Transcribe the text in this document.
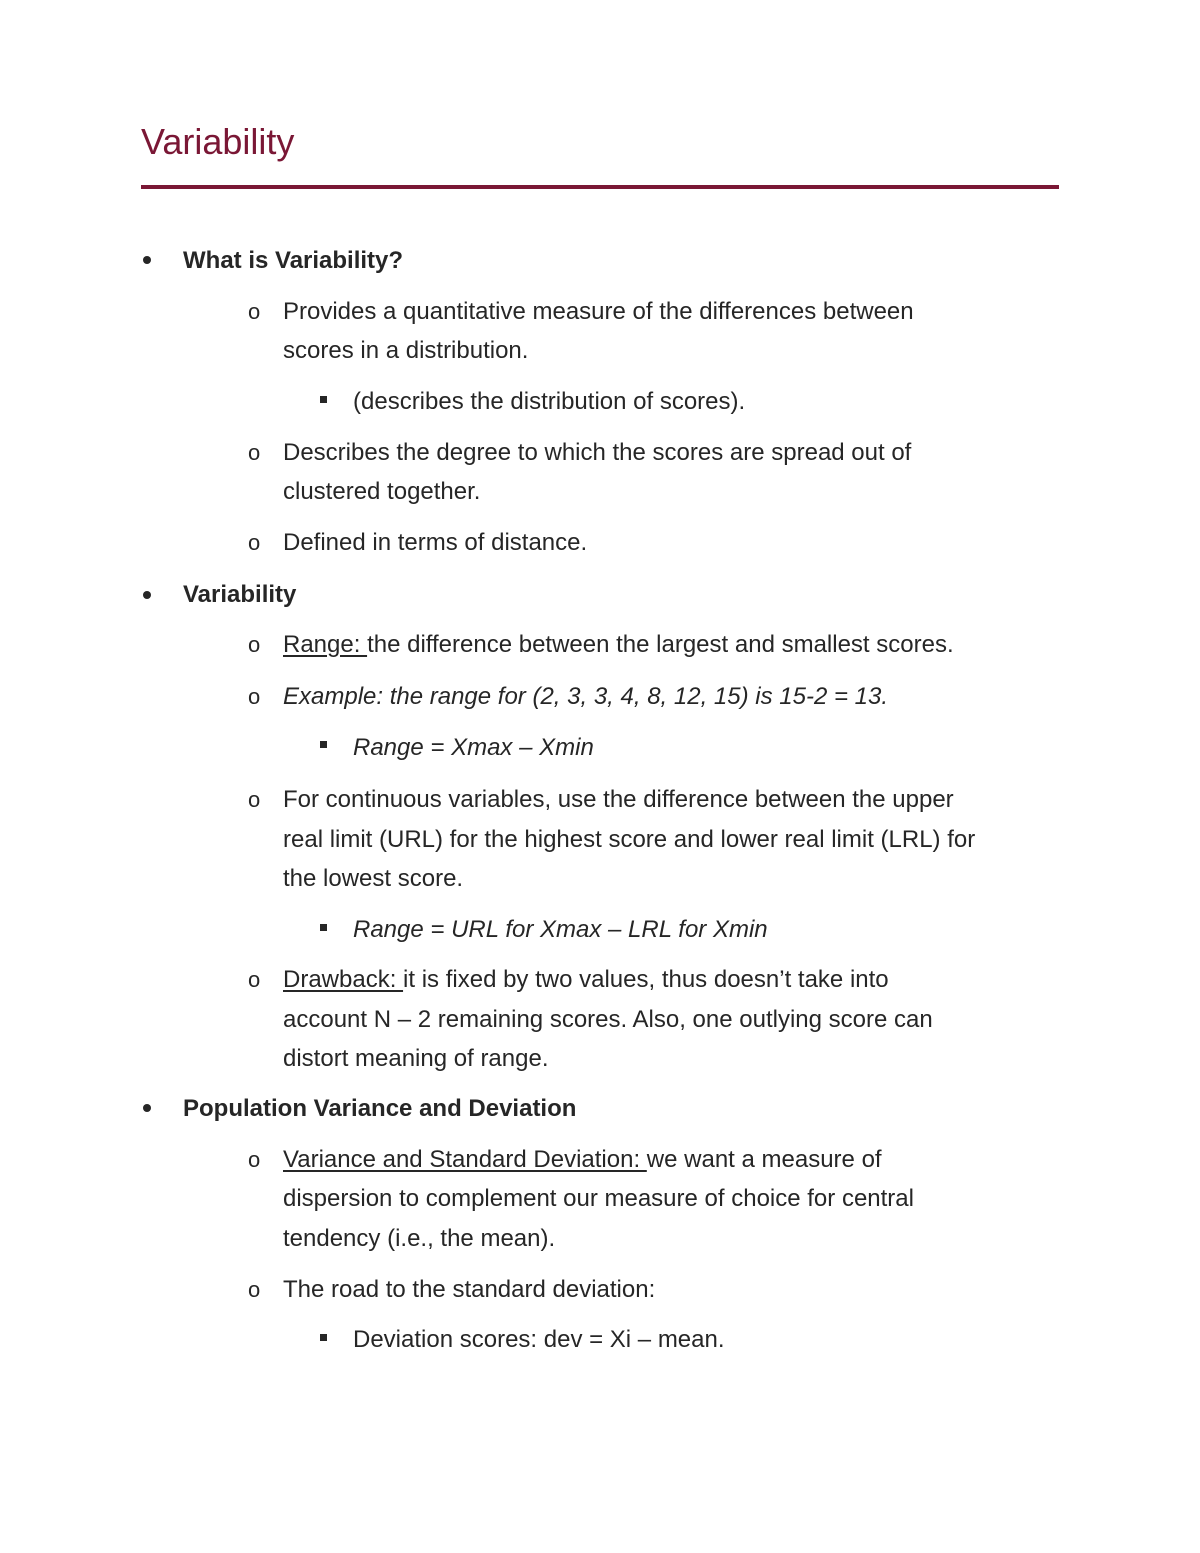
Variability
What is Variability?
o Provides a quantitative measure of the differences between
scores in a distribution.
(describes the distribution of scores).
o Describes the degree to which the scores are spread out of
clustered together.
o Defined in terms of distance.
Variability
o Range: the difference between the largest and smallest scores.
o Example: the range for (2, 3, 3, 4, 8, 12, 15) is 15-2 = 13.
Range = Xmax – Xmin
o For continuous variables, use the difference between the upper
real limit (URL) for the highest score and lower real limit (LRL) for
the lowest score.
Range = URL for Xmax – LRL for Xmin
o Drawback: it is fixed by two values, thus doesn’t take into
account N – 2 remaining scores. Also, one outlying score can
distort meaning of range.
Population Variance and Deviation
o Variance and Standard Deviation: we want a measure of
dispersion to complement our measure of choice for central
tendency (i.e., the mean).
o The road to the standard deviation:
Deviation scores: dev = Xi – mean.
